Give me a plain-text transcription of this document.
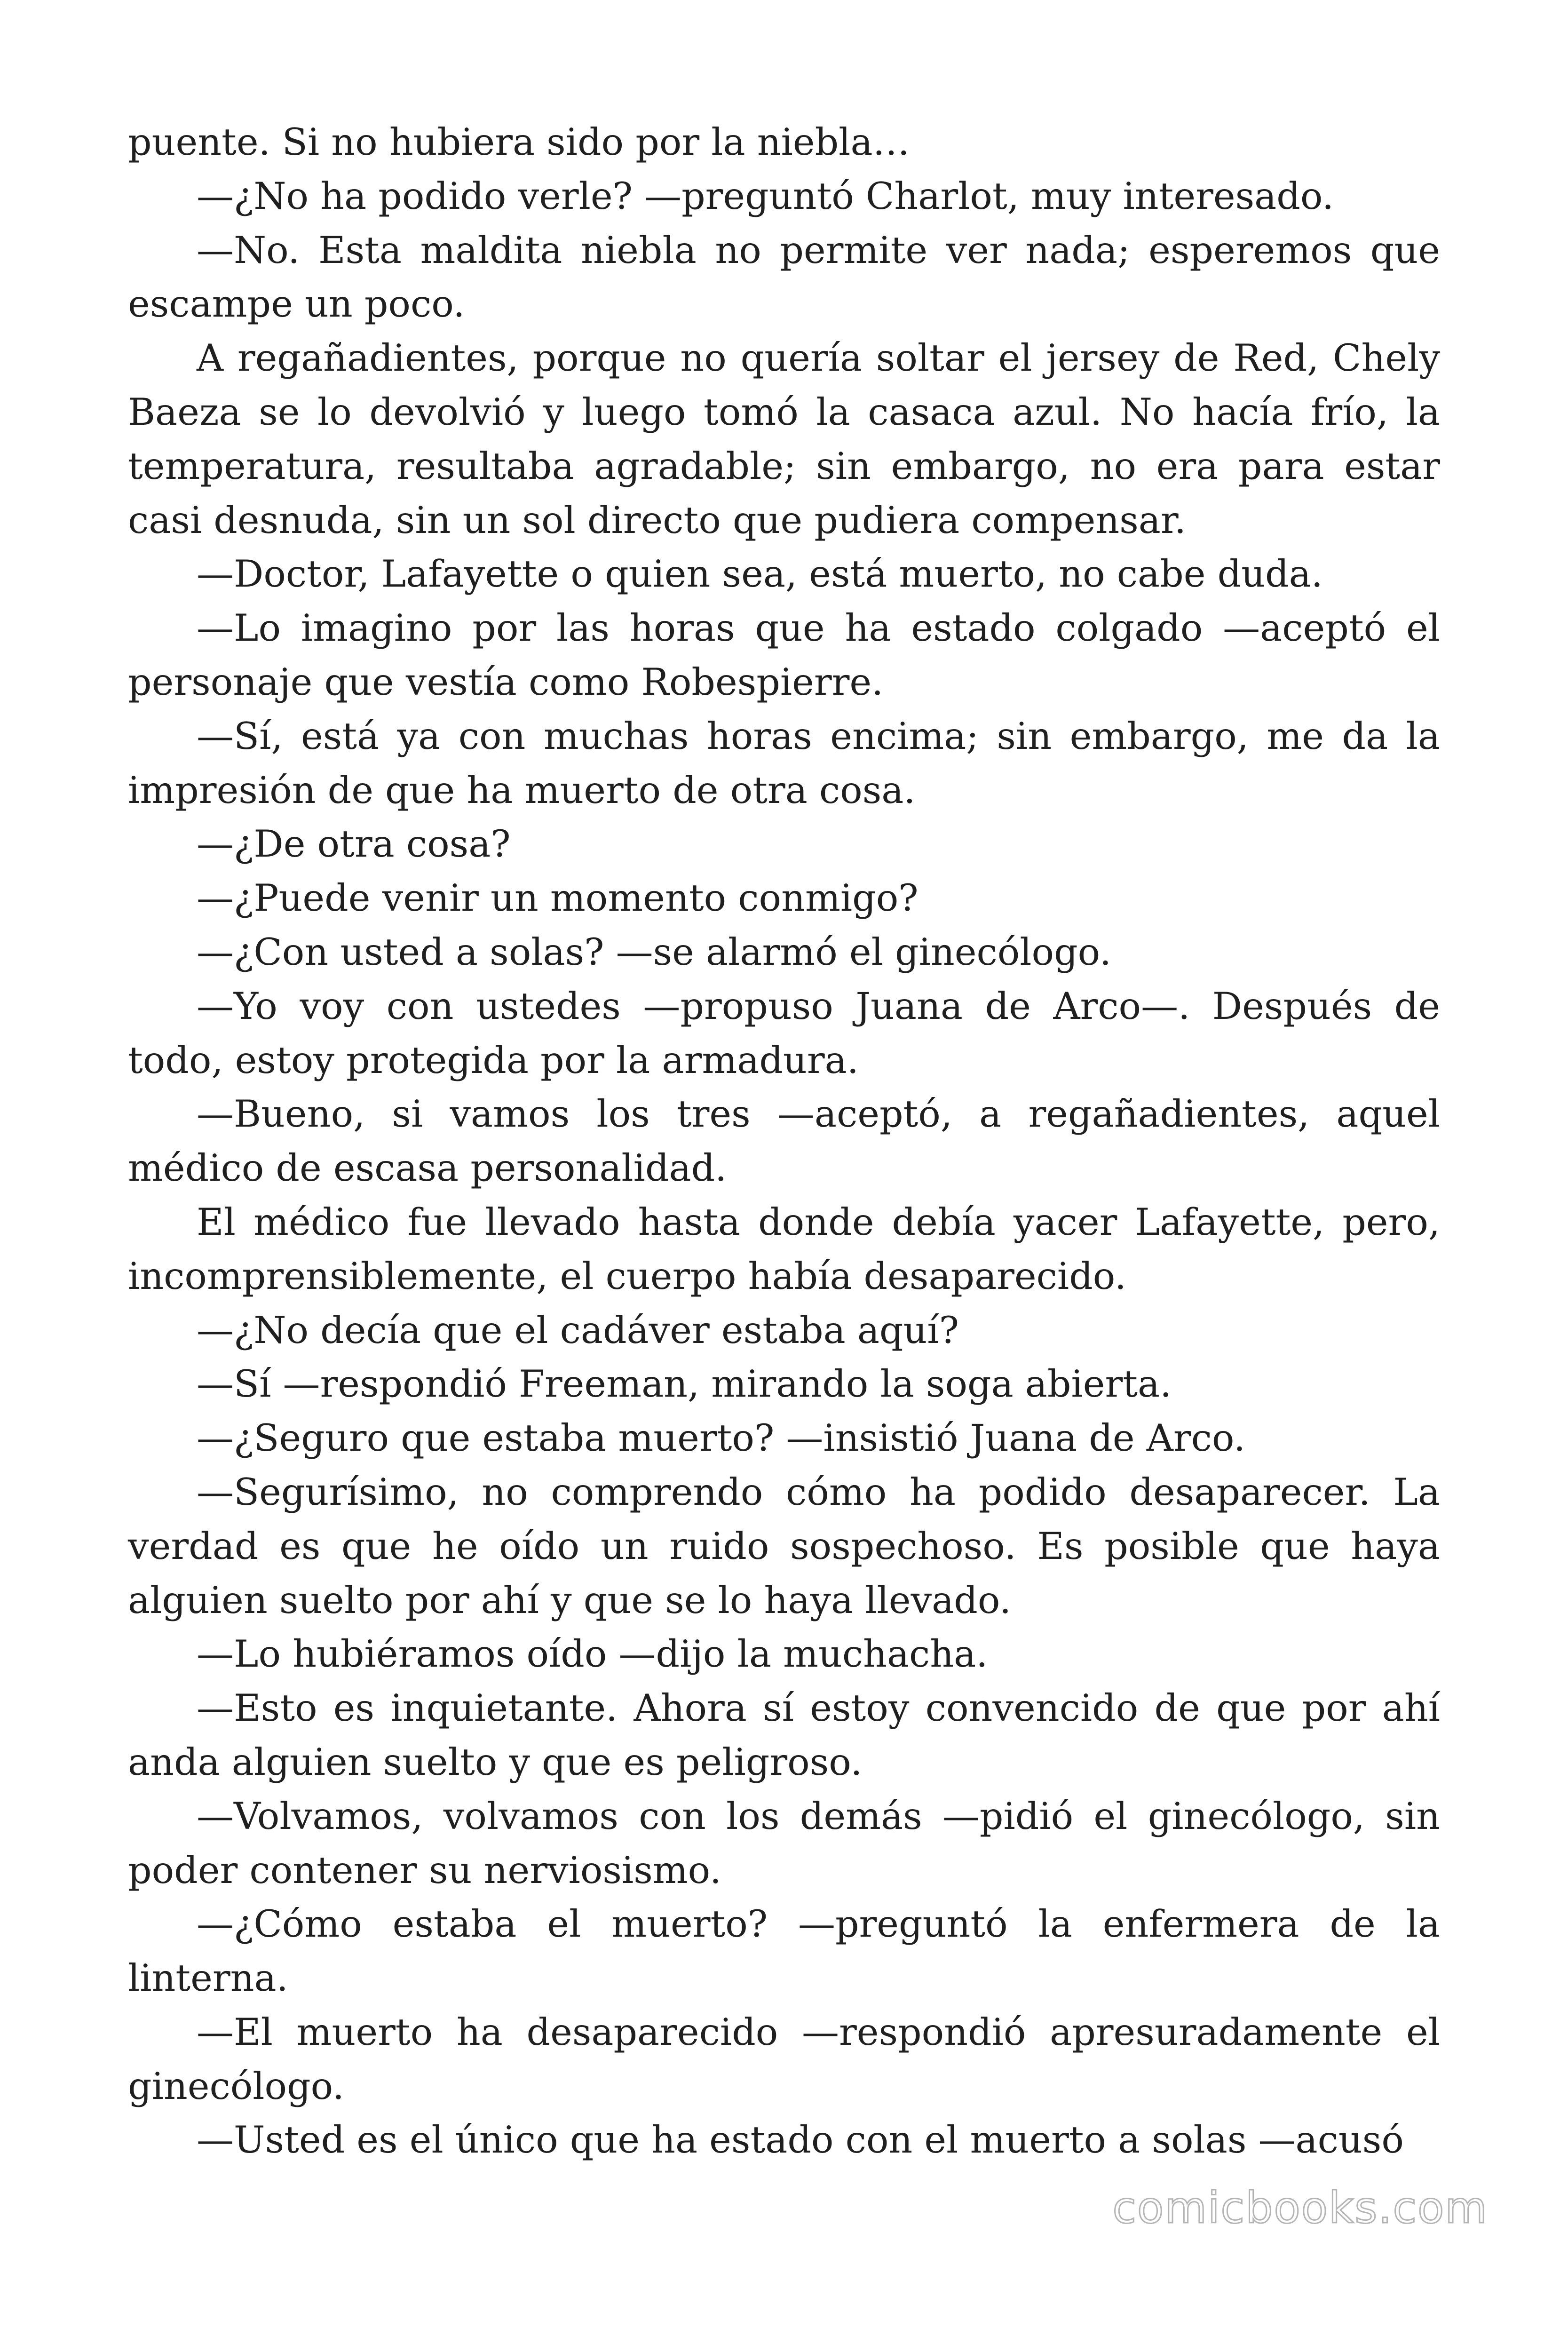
puente. Si no hubiera sido por la niebla…

—¿No ha podido verle? —preguntó Charlot, muy interesado.

—No. Esta maldita niebla no permite ver nada; esperemos que escampe un poco.

A regañadientes, porque no quería soltar el jersey de Red, Chely Baeza se lo devolvió y luego tomó la casaca azul. No hacía frío, la temperatura, resultaba agradable; sin embargo, no era para estar casi desnuda, sin un sol directo que pudiera compensar.

—Doctor, Lafayette o quien sea, está muerto, no cabe duda.

—Lo imagino por las horas que ha estado colgado —aceptó el personaje que vestía como Robespierre.

—Sí, está ya con muchas horas encima; sin embargo, me da la impresión de que ha muerto de otra cosa.

—¿De otra cosa?

—¿Puede venir un momento conmigo?

—¿Con usted a solas? —se alarmó el ginecólogo.

—Yo voy con ustedes —propuso Juana de Arco—. Después de todo, estoy protegida por la armadura.

—Bueno, si vamos los tres —aceptó, a regañadientes, aquel médico de escasa personalidad.

El médico fue llevado hasta donde debía yacer Lafayette, pero, incomprensiblemente, el cuerpo había desaparecido.

—¿No decía que el cadáver estaba aquí?

—Sí —respondió Freeman, mirando la soga abierta.

—¿Seguro que estaba muerto? —insistió Juana de Arco.

—Segurísimo, no comprendo cómo ha podido desaparecer. La verdad es que he oído un ruido sospechoso. Es posible que haya alguien suelto por ahí y que se lo haya llevado.

—Lo hubiéramos oído —dijo la muchacha.

—Esto es inquietante. Ahora sí estoy convencido de que por ahí anda alguien suelto y que es peligroso.

—Volvamos, volvamos con los demás —pidió el ginecólogo, sin poder contener su nerviosismo.

—¿Cómo estaba el muerto? —preguntó la enfermera de la linterna.

—El muerto ha desaparecido —respondió apresuradamente el ginecólogo.

—Usted es el único que ha estado con el muerto a solas —acusó

comicbooks.com
